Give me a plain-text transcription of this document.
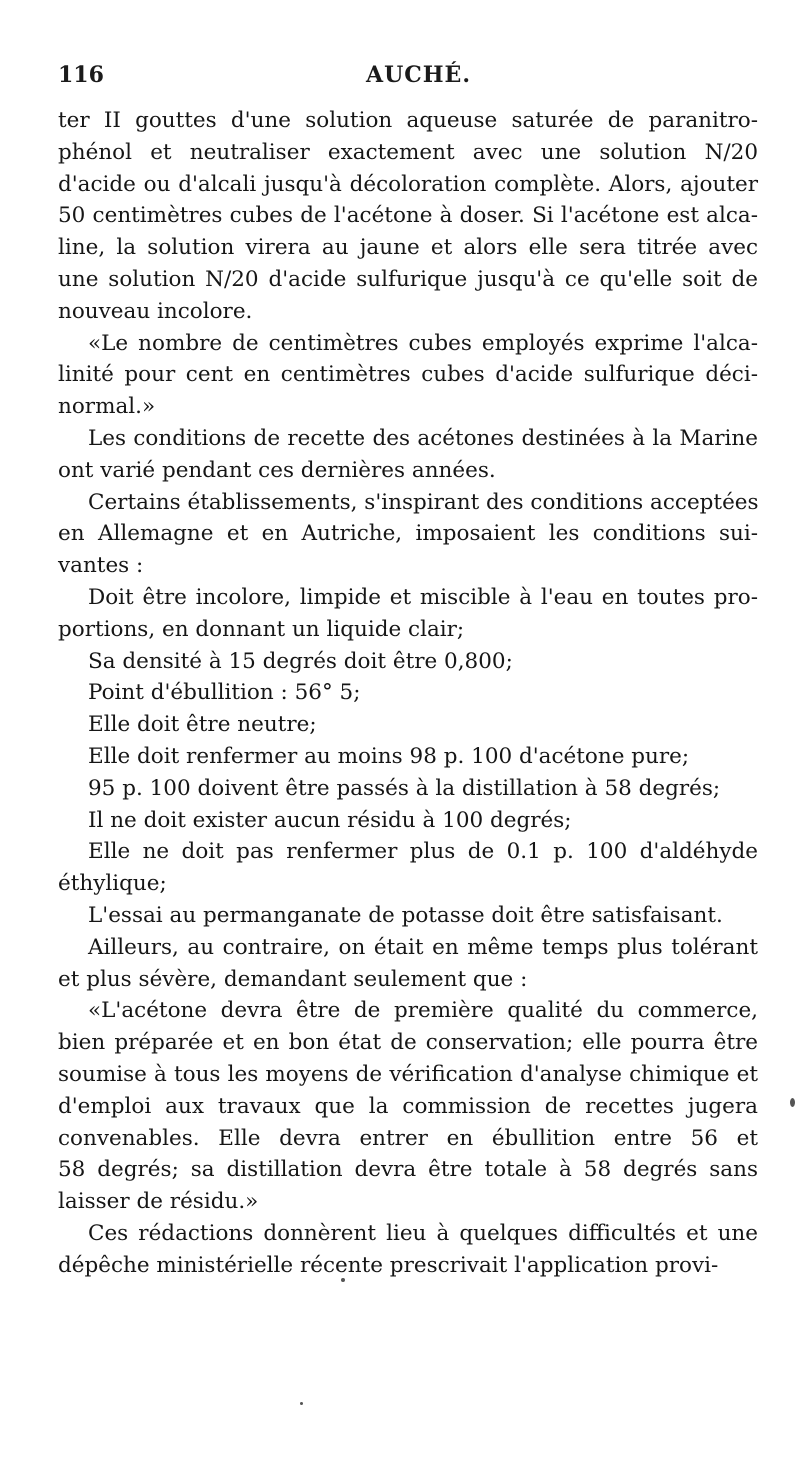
116	AUCHÉ.
ter II gouttes d'une solution aqueuse saturée de paranitro-
phénol et neutraliser exactement avec une solution N/20
d'acide ou d'alcali jusqu'à décoloration complète. Alors, ajouter
50 centimètres cubes de l'acétone à doser. Si l'acétone est alca-
line, la solution virera au jaune et alors elle sera titrée avec
une solution N/20 d'acide sulfurique jusqu'à ce qu'elle soit de
nouveau incolore.
«Le nombre de centimètres cubes employés exprime l'alca-
linité pour cent en centimètres cubes d'acide sulfurique déci-
normal.»
Les conditions de recette des acétones destinées à la Marine
ont varié pendant ces dernières années.
Certains établissements, s'inspirant des conditions acceptées
en Allemagne et en Autriche, imposaient les conditions sui-
vantes :
Doit être incolore, limpide et miscible à l'eau en toutes pro-
portions, en donnant un liquide clair;
Sa densité à 15 degrés doit être 0,800;
Point d'ébullition : 56° 5;
Elle doit être neutre;
Elle doit renfermer au moins 98 p. 100 d'acétone pure;
95 p. 100 doivent être passés à la distillation à 58 degrés;
Il ne doit exister aucun résidu à 100 degrés;
Elle ne doit pas renfermer plus de 0.1 p. 100 d'aldéhyde
éthylique;
L'essai au permanganate de potasse doit être satisfaisant.
Ailleurs, au contraire, on était en même temps plus tolérant
et plus sévère, demandant seulement que :
«L'acétone devra être de première qualité du commerce,
bien préparée et en bon état de conservation; elle pourra être
soumise à tous les moyens de vérification d'analyse chimique et
d'emploi aux travaux que la commission de recettes jugera
convenables. Elle devra entrer en ébullition entre 56 et
58 degrés; sa distillation devra être totale à 58 degrés sans
laisser de résidu.»
Ces rédactions donnèrent lieu à quelques difficultés et une
dépêche ministérielle récente prescrivait l'application provi-
